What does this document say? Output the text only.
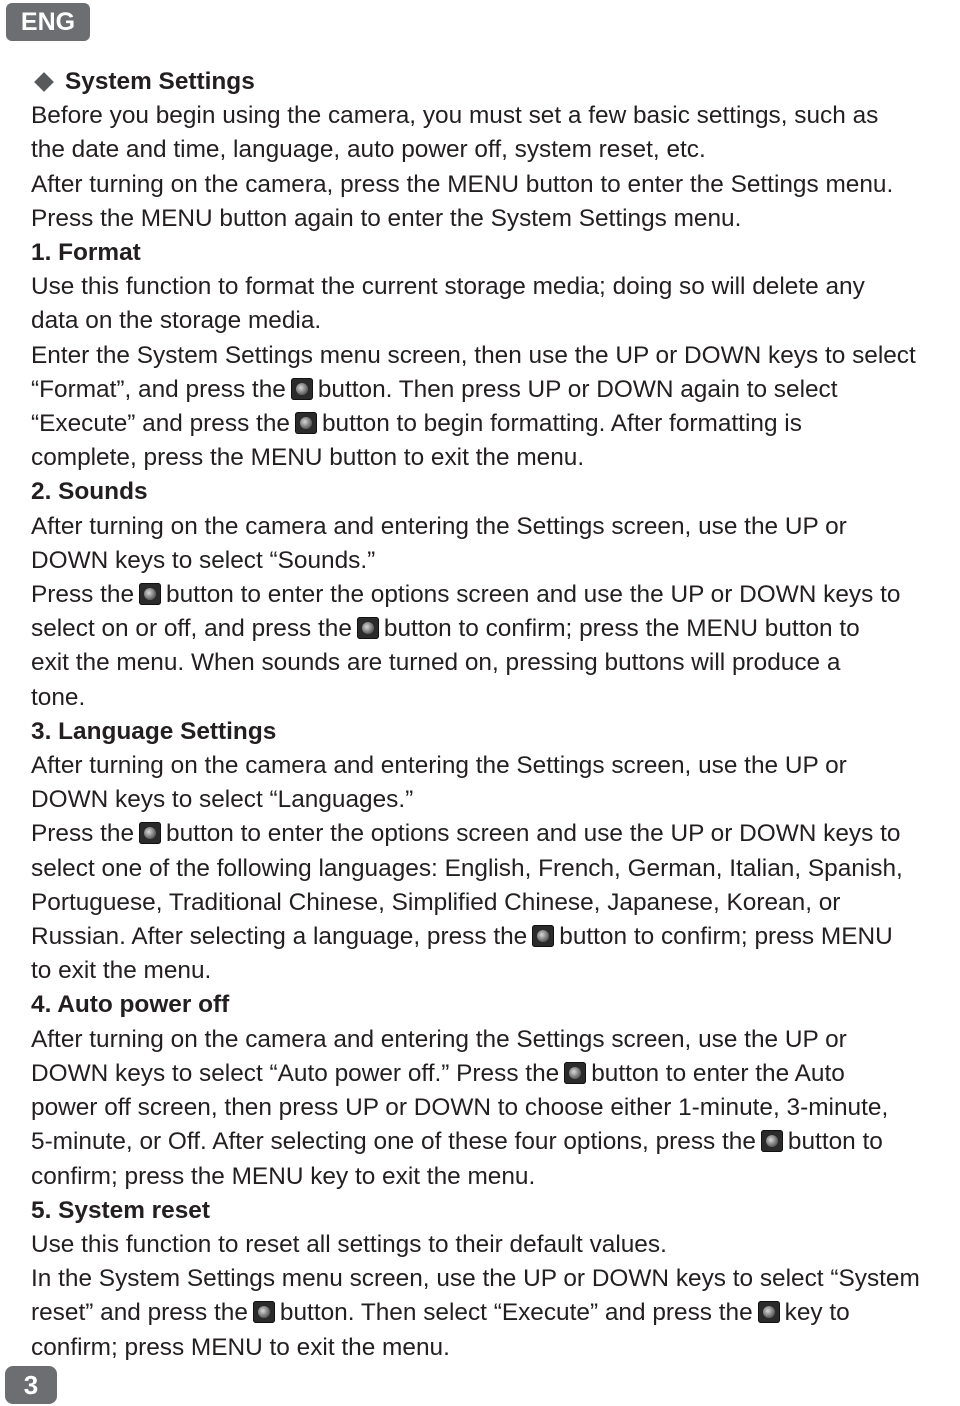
ENG
System Settings

Before you begin using the camera, you must set a few basic settings, such as

the date and time, language, auto power off, system reset, etc.

After turning on the camera, press the MENU button to enter the Settings menu.

Press the MENU button again to enter the System Settings menu.

1. Format

Use this function to format the current storage media; doing so will delete any

data on the storage media.

Enter the System Settings menu screen, then use the UP or DOWN keys to select

“Format”, and press the button. Then press UP or DOWN again to select

“Execute” and press the button to begin formatting. After formatting is

complete, press the MENU button to exit the menu.

2. Sounds

After turning on the camera and entering the Settings screen, use the UP or

DOWN keys to select “Sounds.”

Press the button to enter the options screen and use the UP or DOWN keys to

select on or off, and press the button to confirm; press the MENU button to

exit the menu. When sounds are turned on, pressing buttons will produce a

tone.

3. Language Settings

After turning on the camera and entering the Settings screen, use the UP or

DOWN keys to select “Languages.”

Press the button to enter the options screen and use the UP or DOWN keys to

select one of the following languages: English, French, German, Italian, Spanish,

Portuguese, Traditional Chinese, Simplified Chinese, Japanese, Korean, or

Russian. After selecting a language, press the button to confirm; press MENU

to exit the menu.

4. Auto power off

After turning on the camera and entering the Settings screen, use the UP or

DOWN keys to select “Auto power off.” Press the button to enter the Auto

power off screen, then press UP or DOWN to choose either 1-minute, 3-minute,

5-minute, or Off. After selecting one of these four options, press the button to

confirm; press the MENU key to exit the menu.

5. System reset

Use this function to reset all settings to their default values.

In the System Settings menu screen, use the UP or DOWN keys to select “System

reset” and press the button. Then select “Execute” and press the key to

confirm; press MENU to exit the menu.

3
